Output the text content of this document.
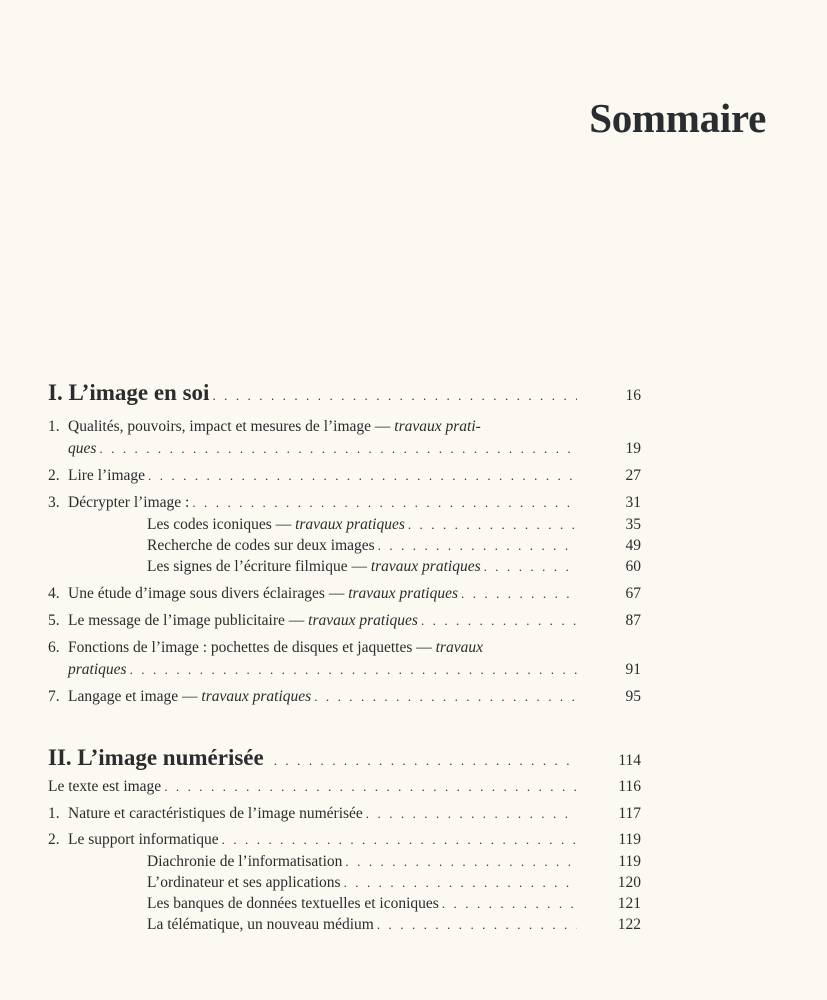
Sommaire
I. L’image en soi . . .	16
1. Qualités, pouvoirs, impact et mesures de l’image — travaux prati-
ques . . .	19
2. Lire l’image . . .	27
3. Décrypter l’image : . . .	31
Les codes iconiques — travaux pratiques . . .	35
Recherche de codes sur deux images . . .	49
Les signes de l’écriture filmique — travaux pratiques . . .	60
4. Une étude d’image sous divers éclairages — travaux pratiques . . .	67
5. Le message de l’image publicitaire — travaux pratiques . . .	87
6. Fonctions de l’image : pochettes de disques et jaquettes — travaux
pratiques . . .	91
7. Langage et image — travaux pratiques . . .	95
II. L’image numérisée . . .	114
Le texte est image . . .	116
1. Nature et caractéristiques de l’image numérisée . . .	117
2. Le support informatique . . .	119
Diachronie de l’informatisation . . .	119
L’ordinateur et ses applications . . .	120
Les banques de données textuelles et iconiques . . .	121
La télématique, un nouveau médium . . .	122
